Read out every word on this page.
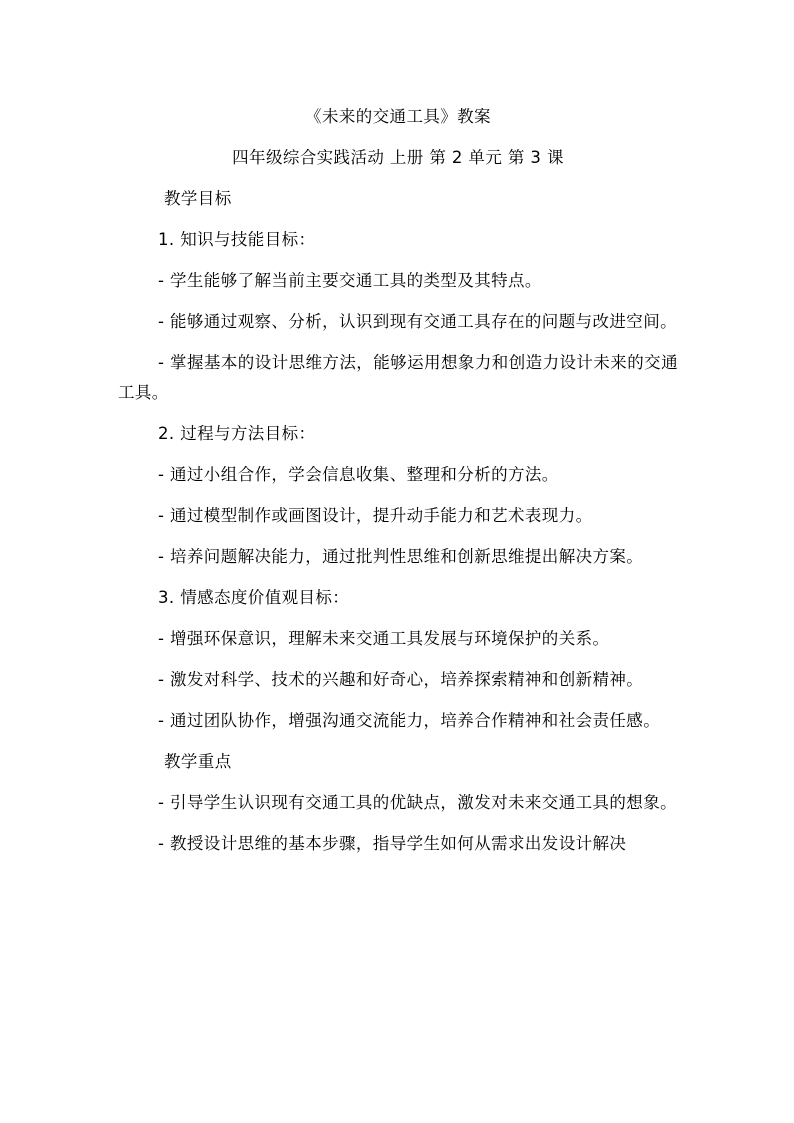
《未来的交通工具》教案
四年级综合实践活动 上册 第 2 单元 第 3 课
教学目标
1. 知识与技能目标：
- 学生能够了解当前主要交通工具的类型及其特点。
- 能够通过观察、分析，认识到现有交通工具存在的问题与改进空间。
- 掌握基本的设计思维方法，能够运用想象力和创造力设计未来的交通工具。
2. 过程与方法目标：
- 通过小组合作，学会信息收集、整理和分析的方法。
- 通过模型制作或画图设计，提升动手能力和艺术表现力。
- 培养问题解决能力，通过批判性思维和创新思维提出解决方案。
3. 情感态度价值观目标：
- 增强环保意识，理解未来交通工具发展与环境保护的关系。
- 激发对科学、技术的兴趣和好奇心，培养探索精神和创新精神。
- 通过团队协作，增强沟通交流能力，培养合作精神和社会责任感。
教学重点
- 引导学生认识现有交通工具的优缺点，激发对未来交通工具的想象。
- 教授设计思维的基本步骤，指导学生如何从需求出发设计解决
